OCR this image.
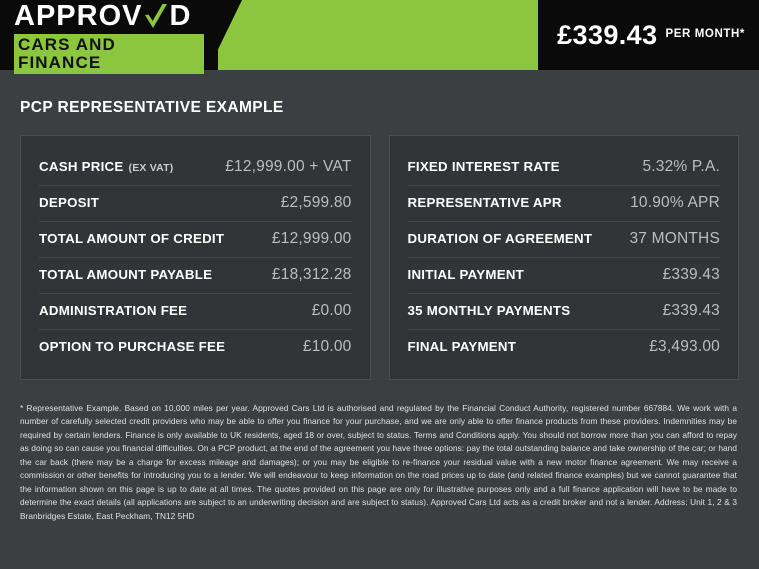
APPROV D
CARS AND FINANCE
£339.43 PER MONTH*
PCP REPRESENTATIVE EXAMPLE
CASH PRICE (EX VAT)	£12,999.00 + VAT
DEPOSIT	£2,599.80
TOTAL AMOUNT OF CREDIT	£12,999.00
TOTAL AMOUNT PAYABLE	£18,312.28
ADMINISTRATION FEE	£0.00
OPTION TO PURCHASE FEE	£10.00
FIXED INTEREST RATE	5.32% P.A.
REPRESENTATIVE APR	10.90% APR
DURATION OF AGREEMENT 37 MONTHS
INITIAL PAYMENT	£339.43
35 MONTHLY PAYMENTS	£339.43
FINAL PAYMENT	£3,493.00
* Representative Example. Based on 10,000 miles per year. Approved Cars Ltd is authorised and regulated by the Financial Conduct Authority, registered number 667884. We work with a number of carefully selected credit providers who may be able to offer you finance for your purchase, and we are only able to offer finance products from these providers. Indemnities may be required by certain lenders. Finance is only available to UK residents, aged 18 or over, subject to status. Terms and Conditions apply. You should not borrow more than you can afford to repay as doing so can cause you financial difficulties. On a PCP product, at the end of the agreement you have three options: pay the total outstanding balance and take ownership of the car; or hand the car back (there may be a charge for excess mileage and damages); or you may be eligible to re-finance your residual value with a new motor finance agreement. We may receive a commission or other benefits for introducing you to a lender. We will endeavour to keep information on the road prices up to date (and related finance examples) but we cannot guarantee that the information shown on this page is up to date at all times. The quotes provided on this page are only for illustrative purposes only and a full finance application will have to be made to determine the exact details (all applications are subject to an underwriting decision and are subject to status). Approved Cars Ltd acts as a credit broker and not a lender. Address: Unit 1, 2 & 3 Branbridges Estate, East Peckham, TN12 5HD
